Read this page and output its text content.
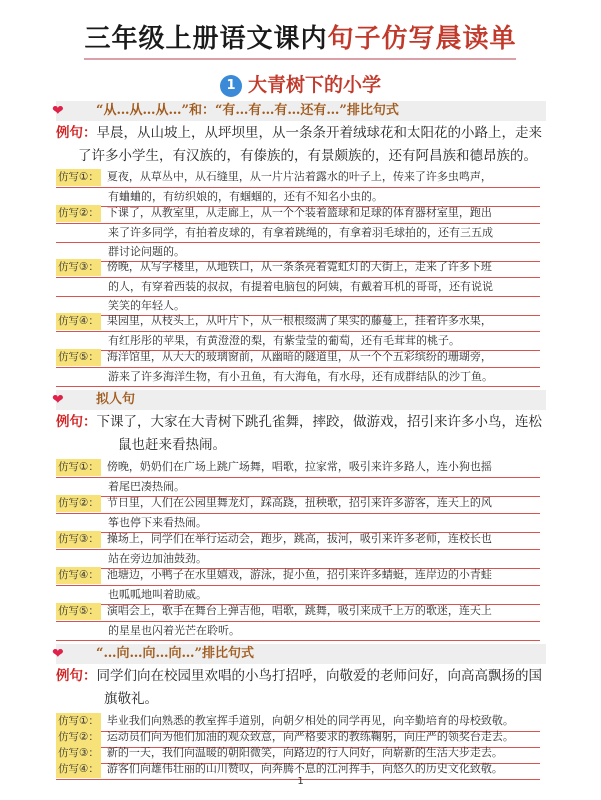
三年级上册语文课内句子仿写晨读单
1 大青树下的小学
❤ “从…从…从…”和：“有…有…有…还有…”排比句式
例句：早晨，从山坡上，从坪坝里，从一条条开着绒球花和太阳花的小路上，走来
了许多小学生，有汉族的，有傣族的，有景颇族的，还有阿昌族和德昂族的。
仿写①： 夏夜，从草丛中，从石缝里，从一片片沾着露水的叶子上，传来了许多虫鸣声，
有蛐蛐的，有纺织娘的，有蝈蝈的，还有不知名小虫的。
仿写②： 下课了，从教室里，从走廊上，从一个个装着篮球和足球的体育器材室里，跑出
来了许多同学，有拍着皮球的，有拿着跳绳的，有拿着羽毛球拍的，还有三五成
群讨论问题的。
仿写③： 傍晚，从写字楼里，从地铁口，从一条条亮着霓虹灯的大街上，走来了许多下班
的人，有穿着西装的叔叔，有提着电脑包的阿姨，有戴着耳机的哥哥，还有说说
笑笑的年轻人。
仿写④： 果园里，从枝头上，从叶片下，从一根根缀满了果实的藤蔓上，挂着许多水果，
有红彤彤的苹果，有黄澄澄的梨，有紫莹莹的葡萄，还有毛茸茸的桃子。
仿写⑤： 海洋馆里，从大大的玻璃窗前，从幽暗的隧道里，从一个个五彩缤纷的珊瑚旁，
游来了许多海洋生物，有小丑鱼，有大海龟，有水母，还有成群结队的沙丁鱼。
❤ 拟人句
例句：下课了，大家在大青树下跳孔雀舞，摔跤，做游戏，招引来许多小鸟，连松
鼠也赶来看热闹。
仿写①： 傍晚，奶奶们在广场上跳广场舞，唱歌，拉家常，吸引来许多路人，连小狗也摇
着尾巴凑热闹。
仿写②： 节日里，人们在公园里舞龙灯，踩高跷，扭秧歌，招引来许多游客，连天上的风
筝也停下来看热闹。
仿写③： 操场上，同学们在举行运动会，跑步，跳高，拔河，吸引来许多老师，连校长也
站在旁边加油鼓劲。
仿写④： 池塘边，小鸭子在水里嬉戏，游泳，捉小鱼，招引来许多蜻蜓，连岸边的小青蛙
也呱呱地叫着助威。
仿写⑤： 演唱会上，歌手在舞台上弹吉他，唱歌，跳舞，吸引来成千上万的歌迷，连天上
的星星也闪着光芒在聆听。
❤ “…向…向…向…”排比句式
例句：同学们向在校园里欢唱的小鸟打招呼，向敬爱的老师问好，向高高飘扬的国
旗敬礼。
仿写①： 毕业我们向熟悉的教室挥手道别，向朝夕相处的同学再见，向辛勤培育的母校致敬。
仿写②： 运动员们向为他们加油的观众致意，向严格要求的教练鞠躬，向庄严的领奖台走去。
仿写③： 新的一天，我们向温暖的朝阳微笑，向路边的行人问好，向崭新的生活大步走去。
仿写④： 游客们向雄伟壮丽的山川赞叹，向奔腾不息的江河挥手，向悠久的历史文化致敬。
1
